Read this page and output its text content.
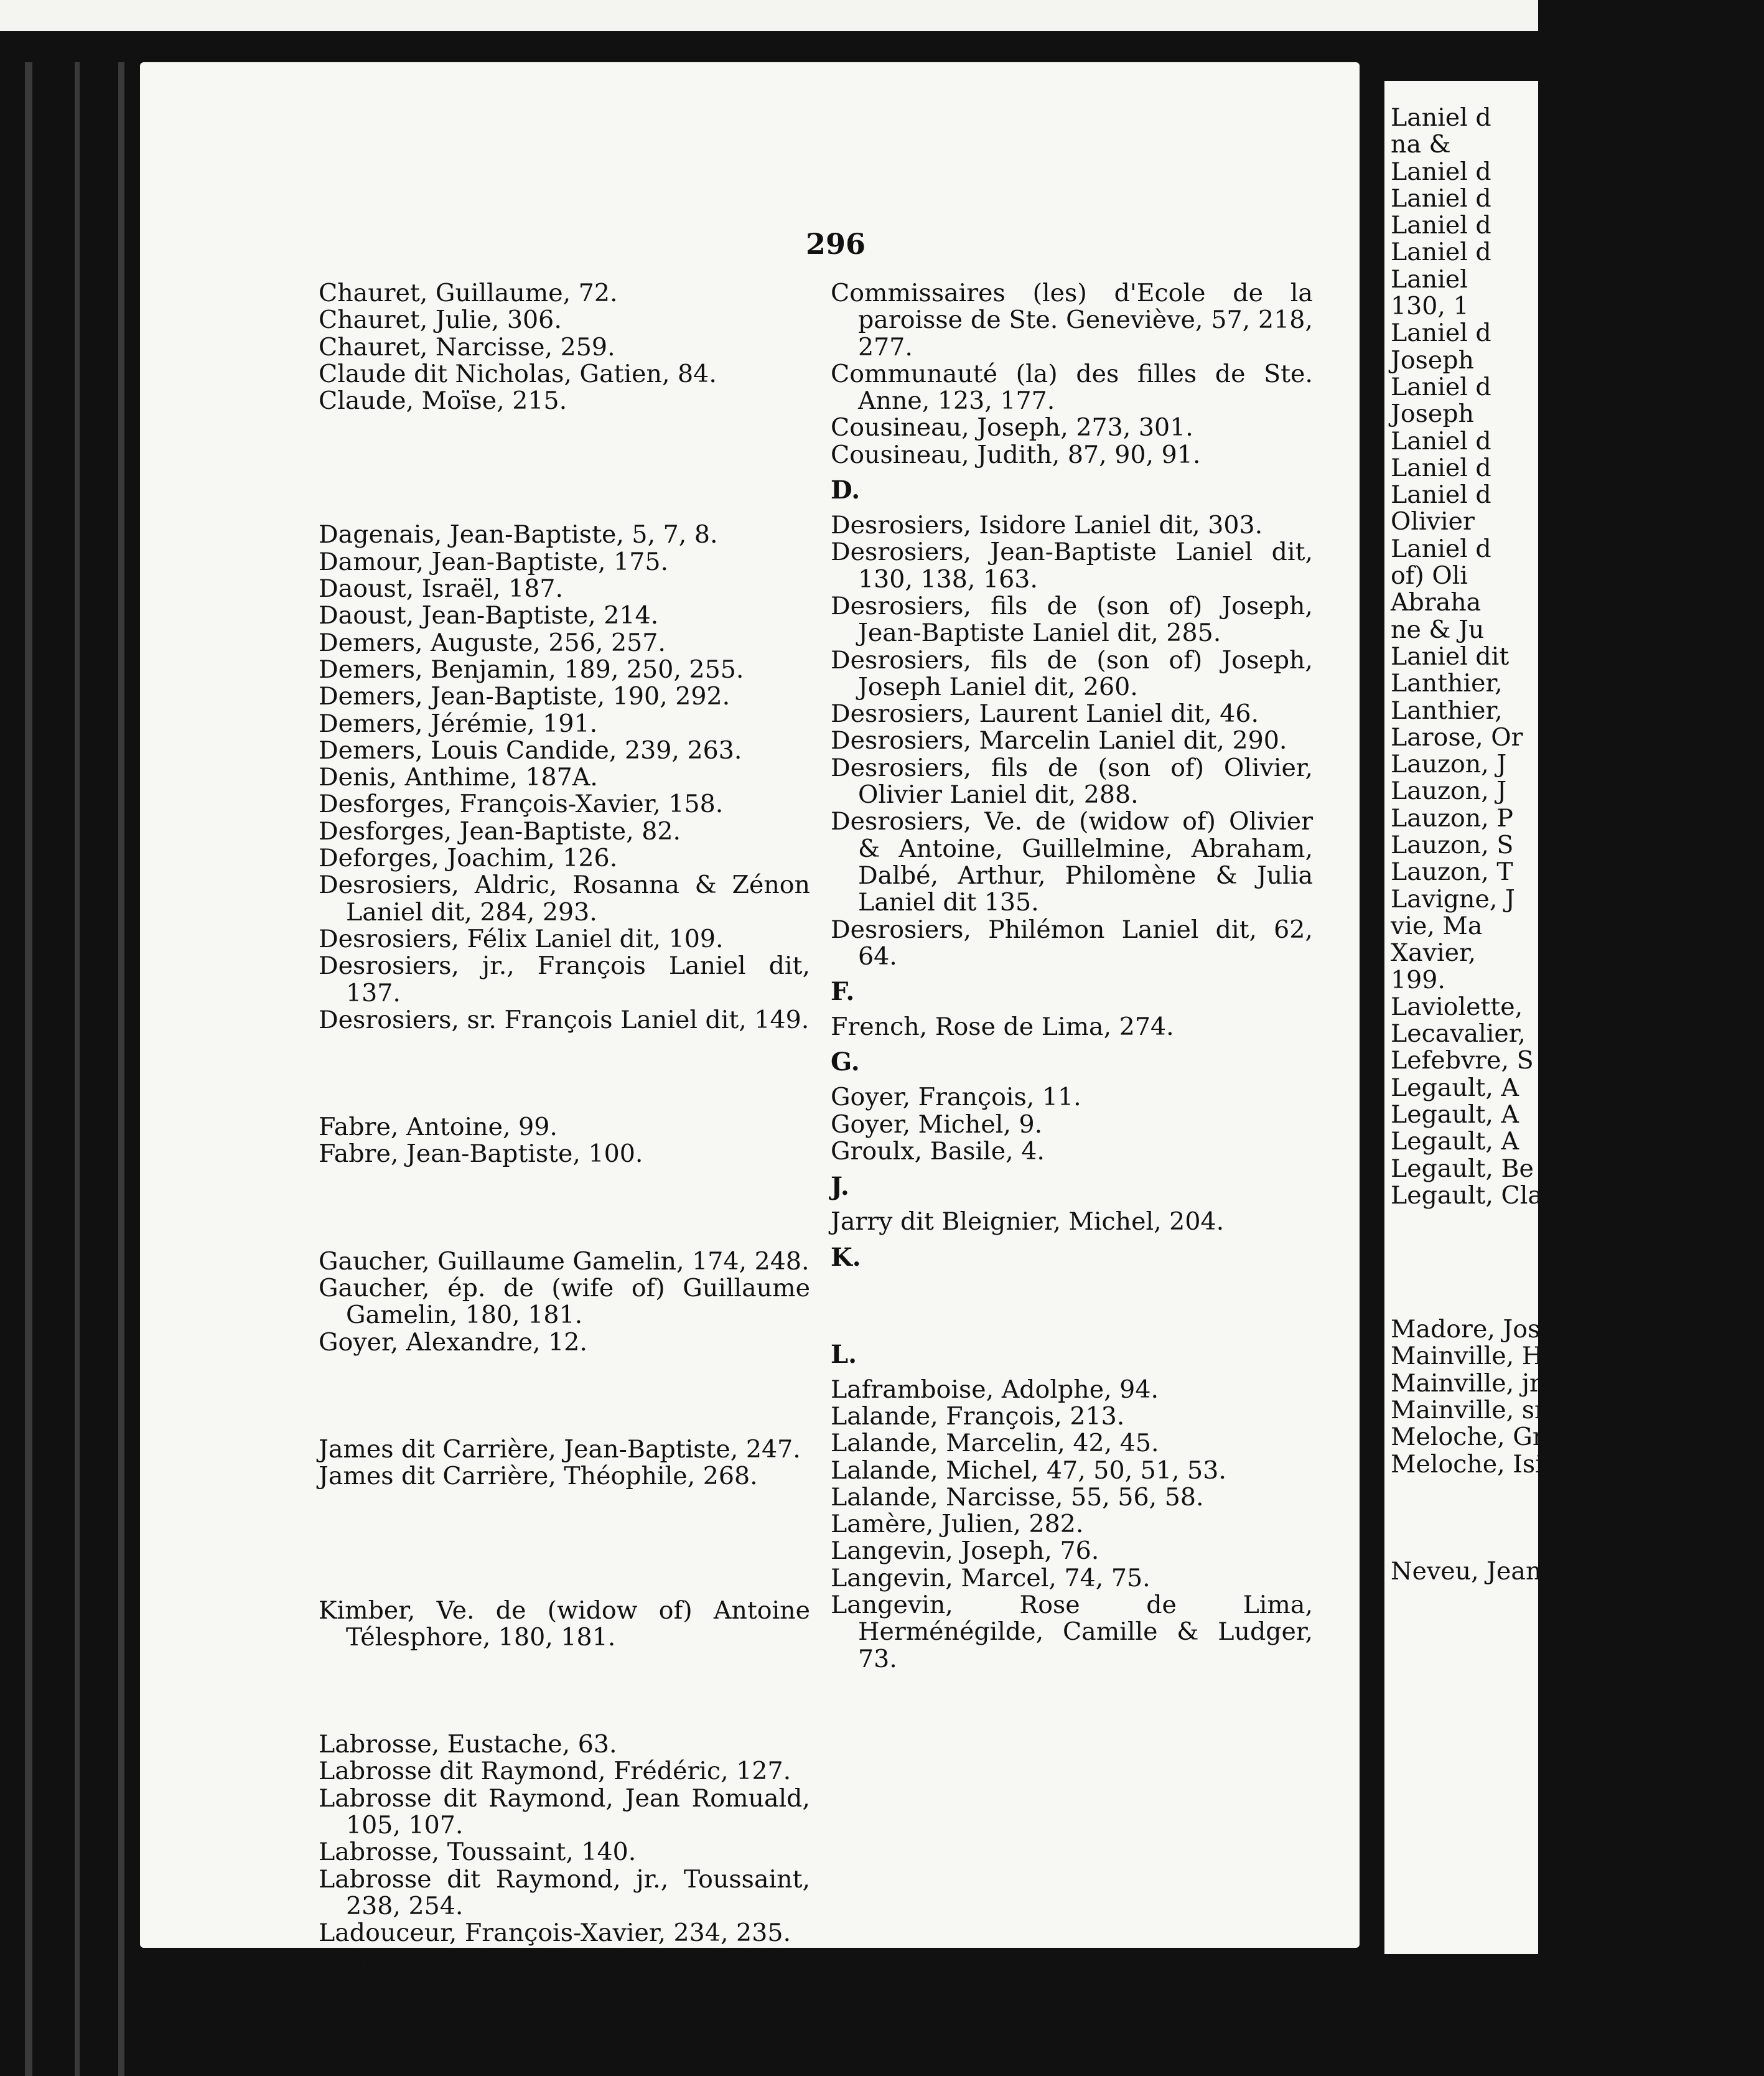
296
Chauret, Guillaume, 72.
Chauret, Julie, 306.
Chauret, Narcisse, 259.
Claude dit Nicholas, Gatien, 84.
Claude, Moïse, 215.
Dagenais, Jean-Baptiste, 5, 7, 8.
Damour, Jean-Baptiste, 175.
Daoust, Israël, 187.
Daoust, Jean-Baptiste, 214.
Demers, Auguste, 256, 257.
Demers, Benjamin, 189, 250, 255.
Demers, Jean-Baptiste, 190, 292.
Demers, Jérémie, 191.
Demers, Louis Candide, 239, 263.
Denis, Anthime, 187A.
Desforges, François-Xavier, 158.
Desforges, Jean-Baptiste, 82.
Deforges, Joachim, 126.
Desrosiers, Aldric, Rosanna & Zénon Laniel dit, 284, 293.
Desrosiers, Félix Laniel dit, 109.
Desrosiers, jr., François Laniel dit, 137.
Desrosiers, sr. François Laniel dit, 149.
Fabre, Antoine, 99.
Fabre, Jean-Baptiste, 100.
Gaucher, Guillaume Gamelin, 174, 248.
Gaucher, ép. de (wife of) Guillaume Gamelin, 180, 181.
Goyer, Alexandre, 12.
James dit Carrière, Jean-Baptiste, 247.
James dit Carrière, Théophile, 268.
Kimber, Ve. de (widow of) Antoine Télesphore, 180, 181.
Labrosse, Eustache, 63.
Labrosse dit Raymond, Frédéric, 127.
Labrosse dit Raymond, Jean Romuald, 105, 107.
Labrosse, Toussaint, 140.
Labrosse dit Raymond, jr., Toussaint, 238, 254.
Ladouceur, François-Xavier, 234, 235.
Lafleur, ép. de (wife of) Jean-Baptiste, 180, 181.
Commissaires (les) d'Ecole de la paroisse de Ste. Geneviève, 57, 218, 277.
Communauté (la) des filles de Ste. Anne, 123, 177.
Cousineau, Joseph, 273, 301.
Cousineau, Judith, 87, 90, 91.
D.
Desrosiers, Isidore Laniel dit, 303.
Desrosiers, Jean-Baptiste Laniel dit, 130, 138, 163.
Desrosiers, fils de (son of) Joseph, Jean-Baptiste Laniel dit, 285.
Desrosiers, fils de (son of) Joseph, Joseph Laniel dit, 260.
Desrosiers, Laurent Laniel dit, 46.
Desrosiers, Marcelin Laniel dit, 290.
Desrosiers, fils de (son of) Olivier, Olivier Laniel dit, 288.
Desrosiers, Ve. de (widow of) Olivier & Antoine, Guillelmine, Abraham, Dalbé, Arthur, Philomène & Julia Laniel dit 135.
Desrosiers, Philémon Laniel dit, 62, 64.
F.
French, Rose de Lima, 274.
G.
Goyer, François, 11.
Goyer, Michel, 9.
Groulx, Basile, 4.
J.
Jarry dit Bleignier, Michel, 204.
K.
L.
Laframboise, Adolphe, 94.
Lalande, François, 213.
Lalande, Marcelin, 42, 45.
Lalande, Michel, 47, 50, 51, 53.
Lalande, Narcisse, 55, 56, 58.
Lamère, Julien, 282.
Langevin, Joseph, 76.
Langevin, Marcel, 74, 75.
Langevin, Rose de Lima, Herménégilde, Camille & Ludger, 73.
Laniel d
na &
Laniel d
Laniel d
Laniel d
Laniel d
Laniel
130, 1
Laniel d
Joseph
Laniel d
Joseph
Laniel d
Laniel d
Laniel d
Olivier
Laniel d
of) Oli
Abraha
ne & Ju
Laniel dit
Lanthier,
Lanthier,
Larose, Or
Lauzon, J
Lauzon, J
Lauzon, P
Lauzon, S
Lauzon, T
Lavigne, J
vie, Ma
Xavier,
199.
Laviolette,
Lecavalier,
Lefebvre, S
Legault, A
Legault, A
Legault, A
Legault, Be
Legault, Cla
Madore, Jos
Mainville, H
Mainville, jr
Mainville, sr
Meloche, Gré
Meloche, Isi
Neveu, Jean-
